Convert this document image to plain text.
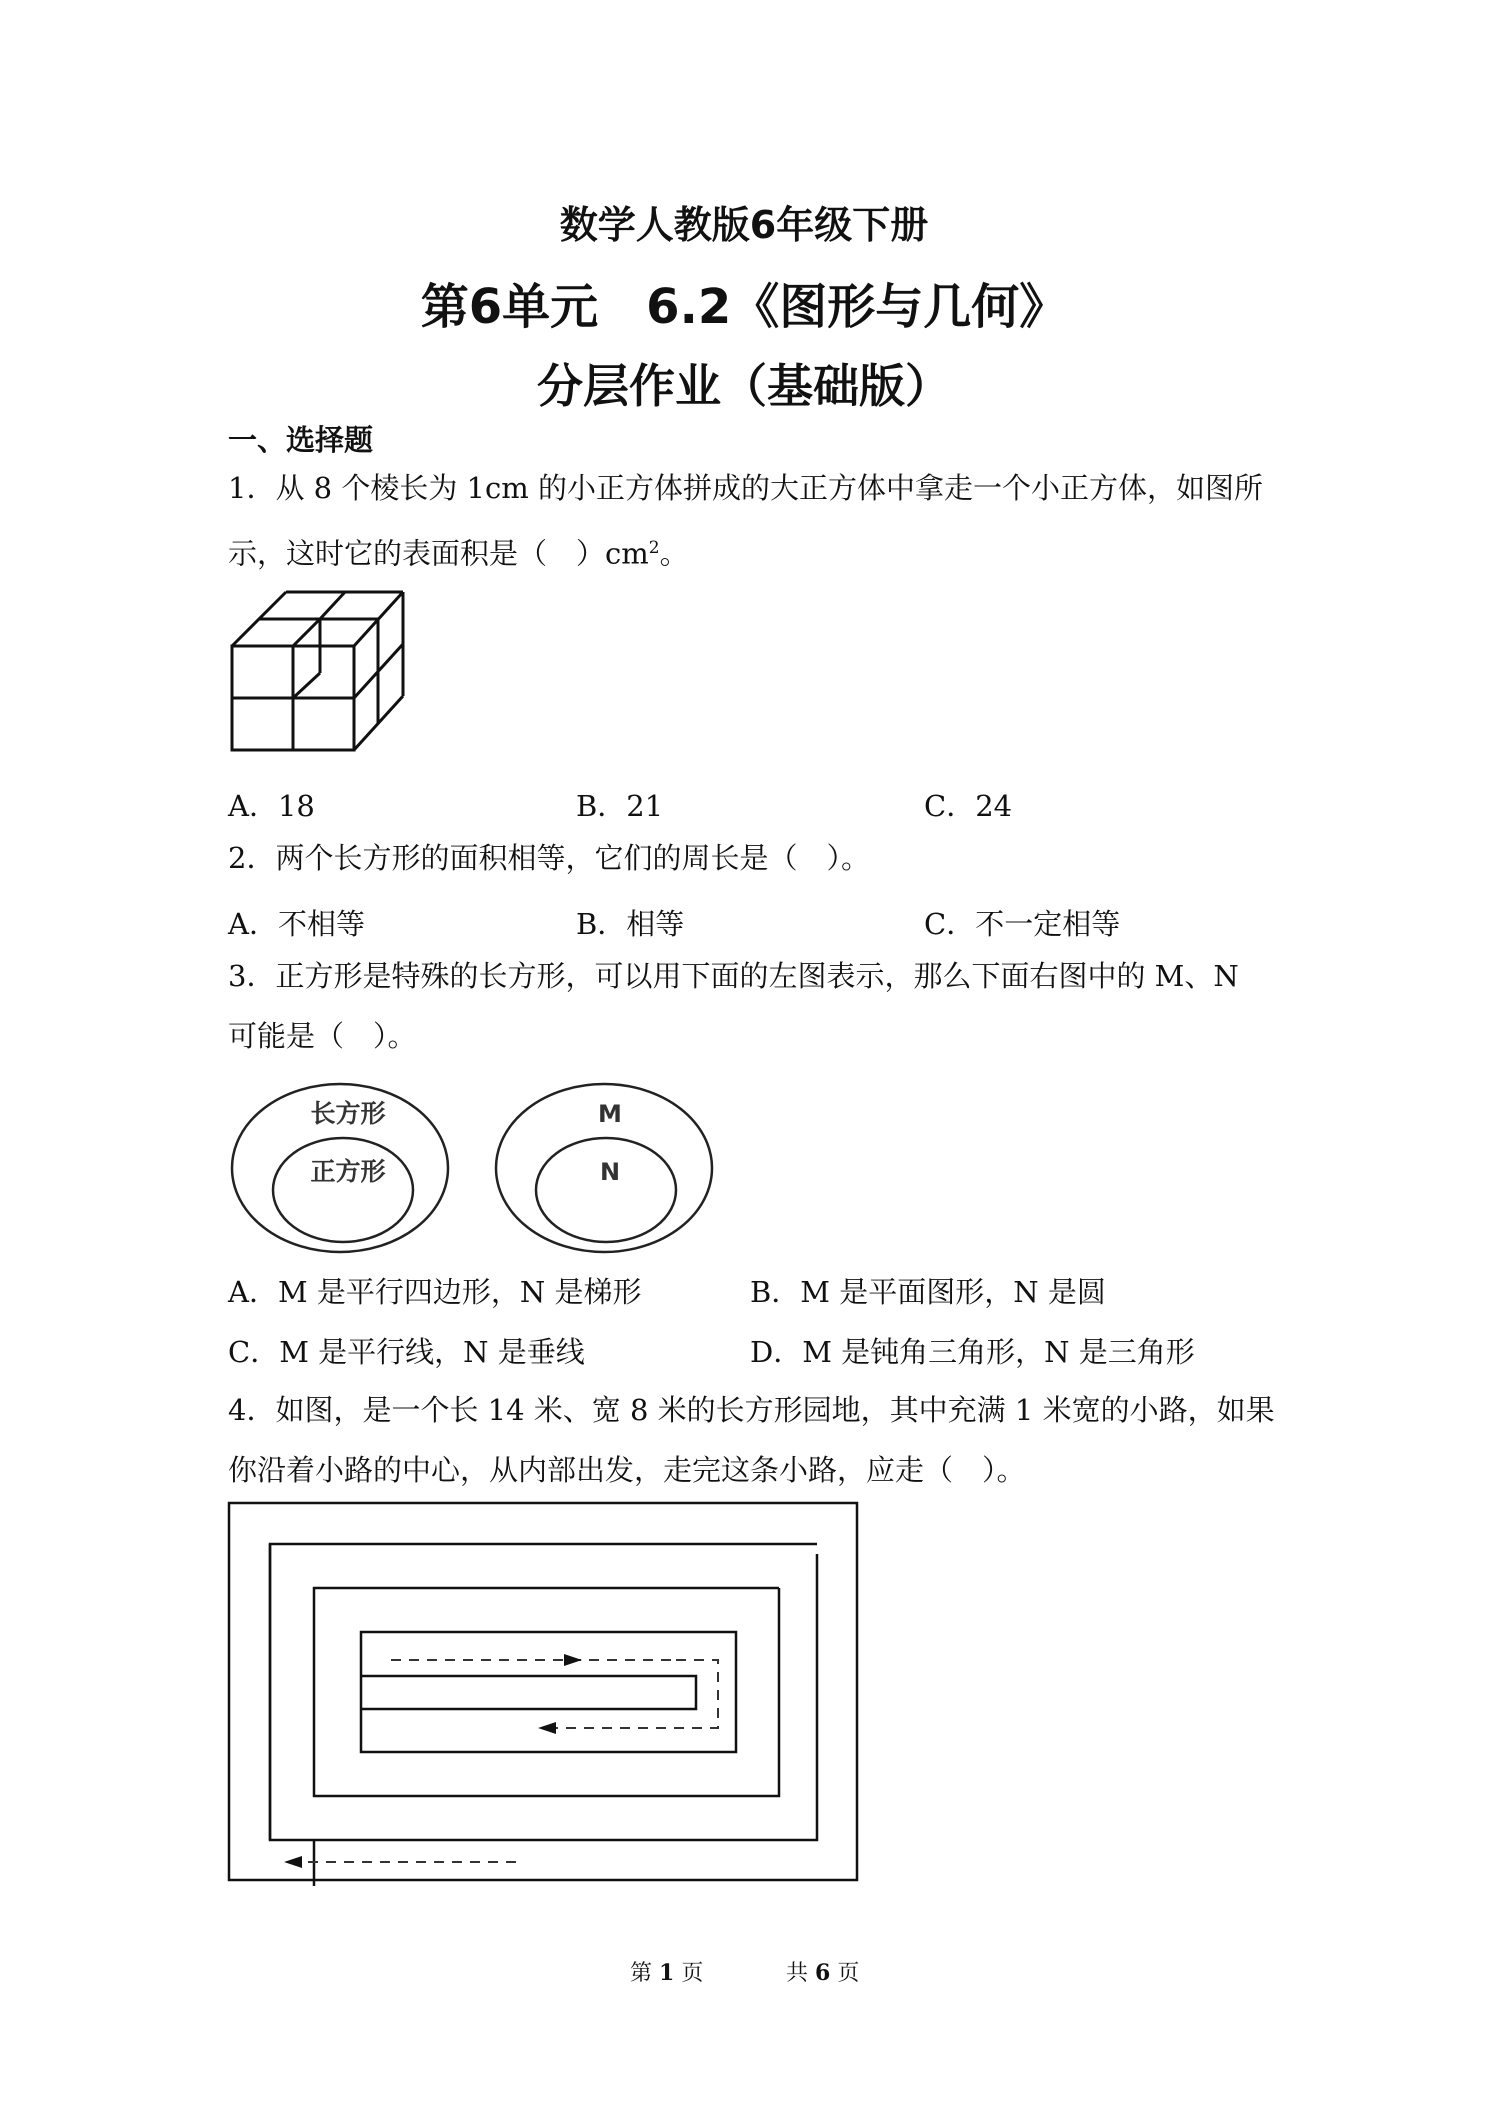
数学人教版6年级下册
第6单元　6.2《图形与几何》
分层作业（基础版）
一、选择题
1．从 8 个棱长为 1cm 的小正方体拼成的大正方体中拿走一个小正方体，如图所
示，这时它的表面积是（　）$cm^2$。
A．18	B．21	C．24
2．两个长方形的面积相等，它们的周长是（　）。
A．不相等	B．相等	C．不一定相等
3．正方形是特殊的长方形，可以用下面的左图表示，那么下面右图中的 M、N
可能是（　）。
长方形
正方形
M
N
A．M 是平行四边形，N 是梯形	B．M 是平面图形，N 是圆
C．M 是平行线，N 是垂线	D．M 是钝角三角形，N 是三角形
4．如图，是一个长 14 米、宽 8 米的长方形园地，其中充满 1 米宽的小路，如果
你沿着小路的中心，从内部出发，走完这条小路，应走（　）。
第 1 页	共 6 页
